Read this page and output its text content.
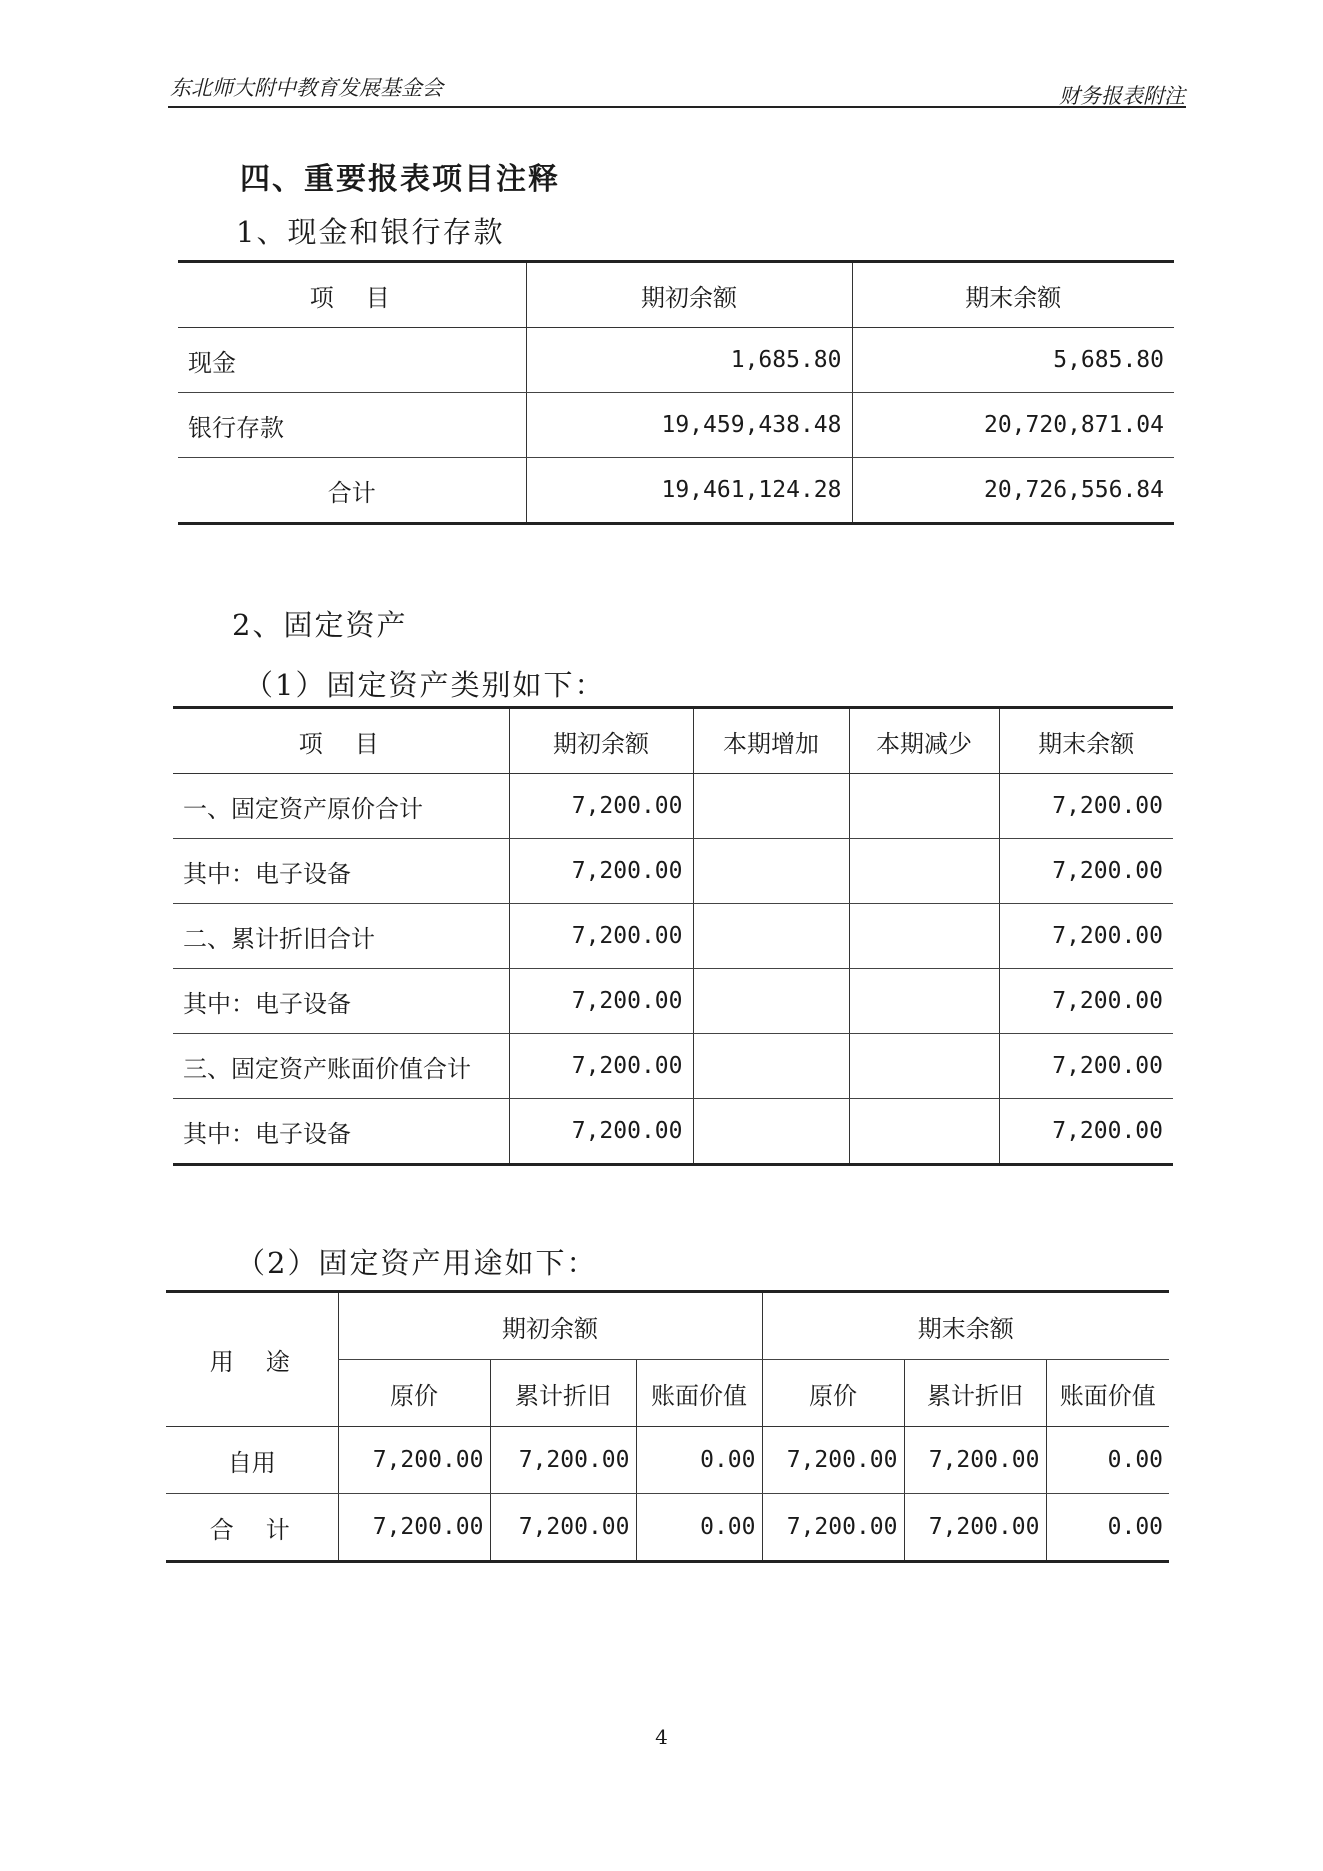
东北师大附中教育发展基金会	财务报表附注
四、重要报表项目注释
1、现金和银行存款
项　目	期初余额	期末余额
现金	1,685.80	5,685.80
银行存款	19,459,438.48	20,720,871.04
合计	19,461,124.28	20,726,556.84
2、固定资产
（1）固定资产类别如下：
项　目	期初余额	本期增加	本期减少	期末余额
一、固定资产原价合计	7,200.00			7,200.00
其中：电子设备	7,200.00			7,200.00
二、累计折旧合计	7,200.00			7,200.00
其中：电子设备	7,200.00			7,200.00
三、固定资产账面价值合计	7,200.00			7,200.00
其中：电子设备	7,200.00			7,200.00
（2）固定资产用途如下：
用　途	期初余额			期末余额		
	原价	累计折旧	账面价值	原价	累计折旧	账面价值
自用	7,200.00	7,200.00	0.00	7,200.00	7,200.00	0.00
合　计	7,200.00	7,200.00	0.00	7,200.00	7,200.00	0.00
4
